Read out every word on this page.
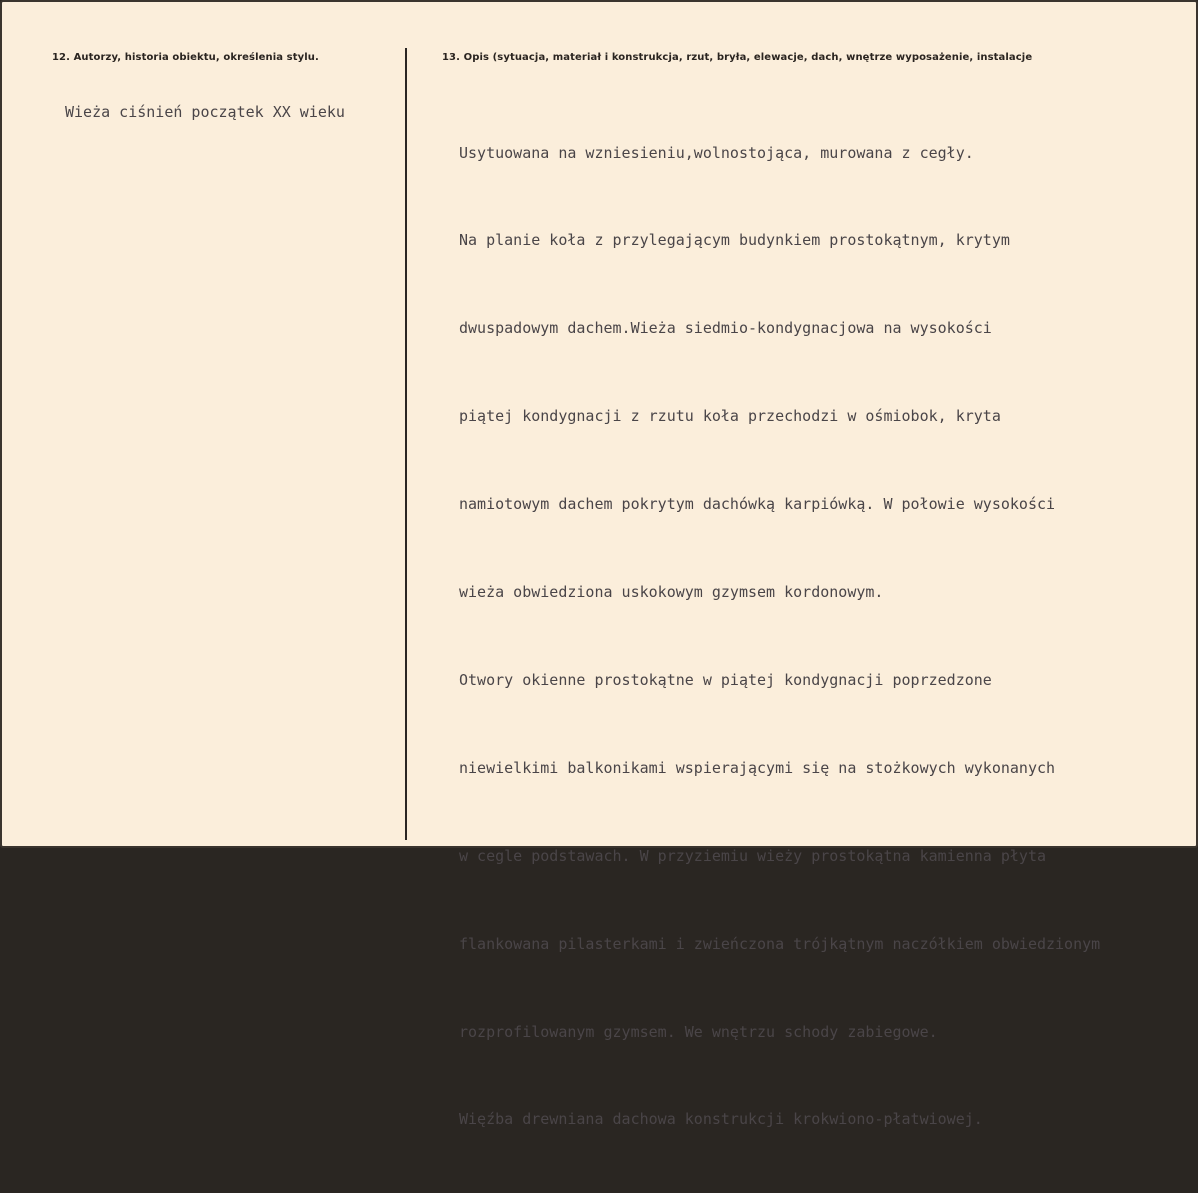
12. Autorzy, historia obiektu, określenia stylu.
Wieża ciśnień początek XX wieku
13. Opis (sytuacja, materiał i konstrukcja, rzut, bryła, elewacje, dach, wnętrze wyposażenie, instalacje

Usytuowana na wzniesieniu,wolnostojąca, murowana z cegły.

Na planie koła z przylegającym budynkiem prostokątnym, krytym

dwuspadowym dachem.Wieża siedmio-kondygnacjowa na wysokości

piątej kondygnacji z rzutu koła przechodzi w ośmiobok, kryta

namiotowym dachem pokrytym dachówką karpiówką. W połowie wysokości

wieża obwiedziona uskokowym gzymsem kordonowym.

Otwory okienne prostokątne w piątej kondygnacji poprzedzone

niewielkimi balkonikami wspierającymi się na stożkowych wykonanych

w cegle podstawach. W przyziemiu wieży prostokątna kamienna płyta

flankowana pilasterkami i zwieńczona trójkątnym naczółkiem obwiedzionym

rozprofilowanym gzymsem. We wnętrzu schody zabiegowe.

Więźba drewniana dachowa konstrukcji krokwiono-płatwiowej.
